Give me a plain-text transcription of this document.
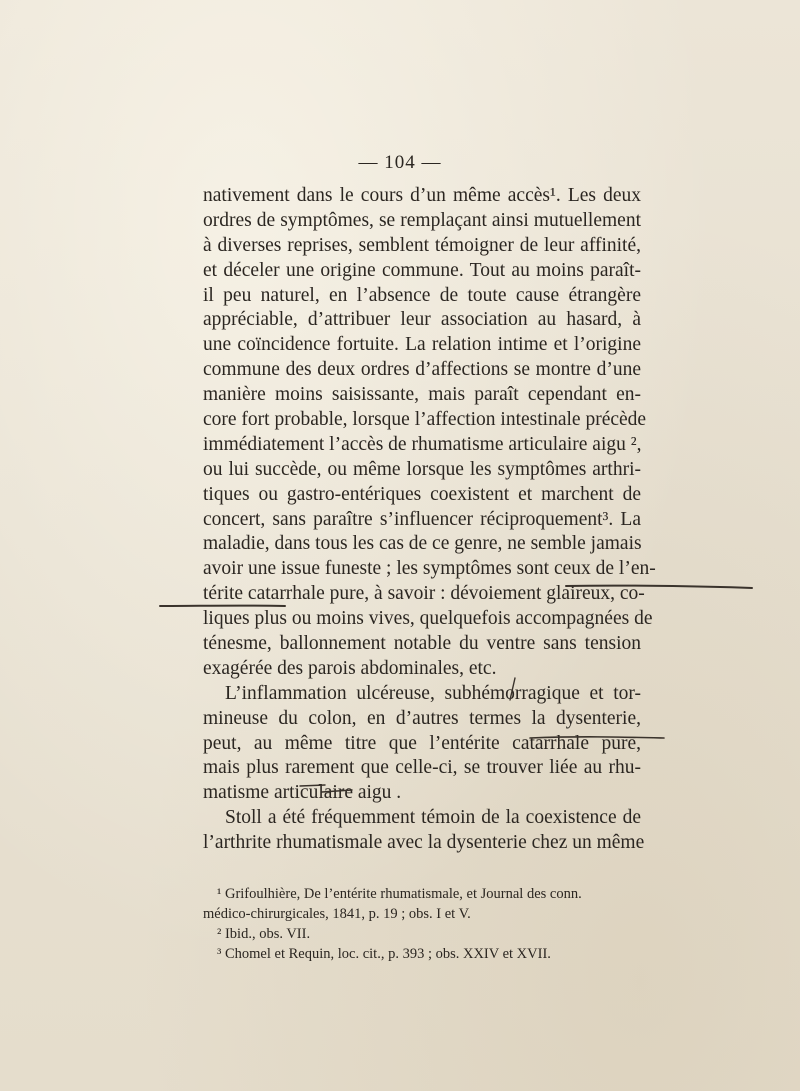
— 104 —
nativement dans le cours d’un même accès¹. Les deux
ordres de symptômes, se remplaçant ainsi mutuellement
à diverses reprises, semblent témoigner de leur affinité,
et déceler une origine commune. Tout au moins paraît-
il peu naturel, en l’absence de toute cause étrangère
appréciable, d’attribuer leur association au hasard, à
une coïncidence fortuite. La relation intime et l’origine
commune des deux ordres d’affections se montre d’une
manière moins saisissante, mais paraît cependant en-
core fort probable, lorsque l’affection intestinale précède
immédiatement l’accès de rhumatisme articulaire aigu ²,
ou lui succède, ou même lorsque les symptômes arthri-
tiques ou gastro-entériques coexistent et marchent de
concert, sans paraître s’influencer réciproquement³. La
maladie, dans tous les cas de ce genre, ne semble jamais
avoir une issue funeste ; les symptômes sont ceux de l’en-
térite catarrhale pure, à savoir : dévoiement glaireux, co-
liques plus ou moins vives, quelquefois accompagnées de
ténesme, ballonnement notable du ventre sans tension
exagérée des parois abdominales, etc.
L’inflammation ulcéreuse, subhémorragique et tor-
mineuse du colon, en d’autres termes la dysenterie,
peut, au même titre que l’entérite catarrhale pure,
mais plus rarement que celle-ci, se trouver liée au rhu-
matisme articulaire aigu .
Stoll a été fréquemment témoin de la coexistence de
l’arthrite rhumatismale avec la dysenterie chez un même
¹ Grifoulhière, De l’entérite rhumatismale, et Journal des conn.
médico-chirurgicales, 1841, p. 19 ; obs. I et V.
² Ibid., obs. VII.
³ Chomel et Requin, loc. cit., p. 393 ; obs. XXIV et XVII.
